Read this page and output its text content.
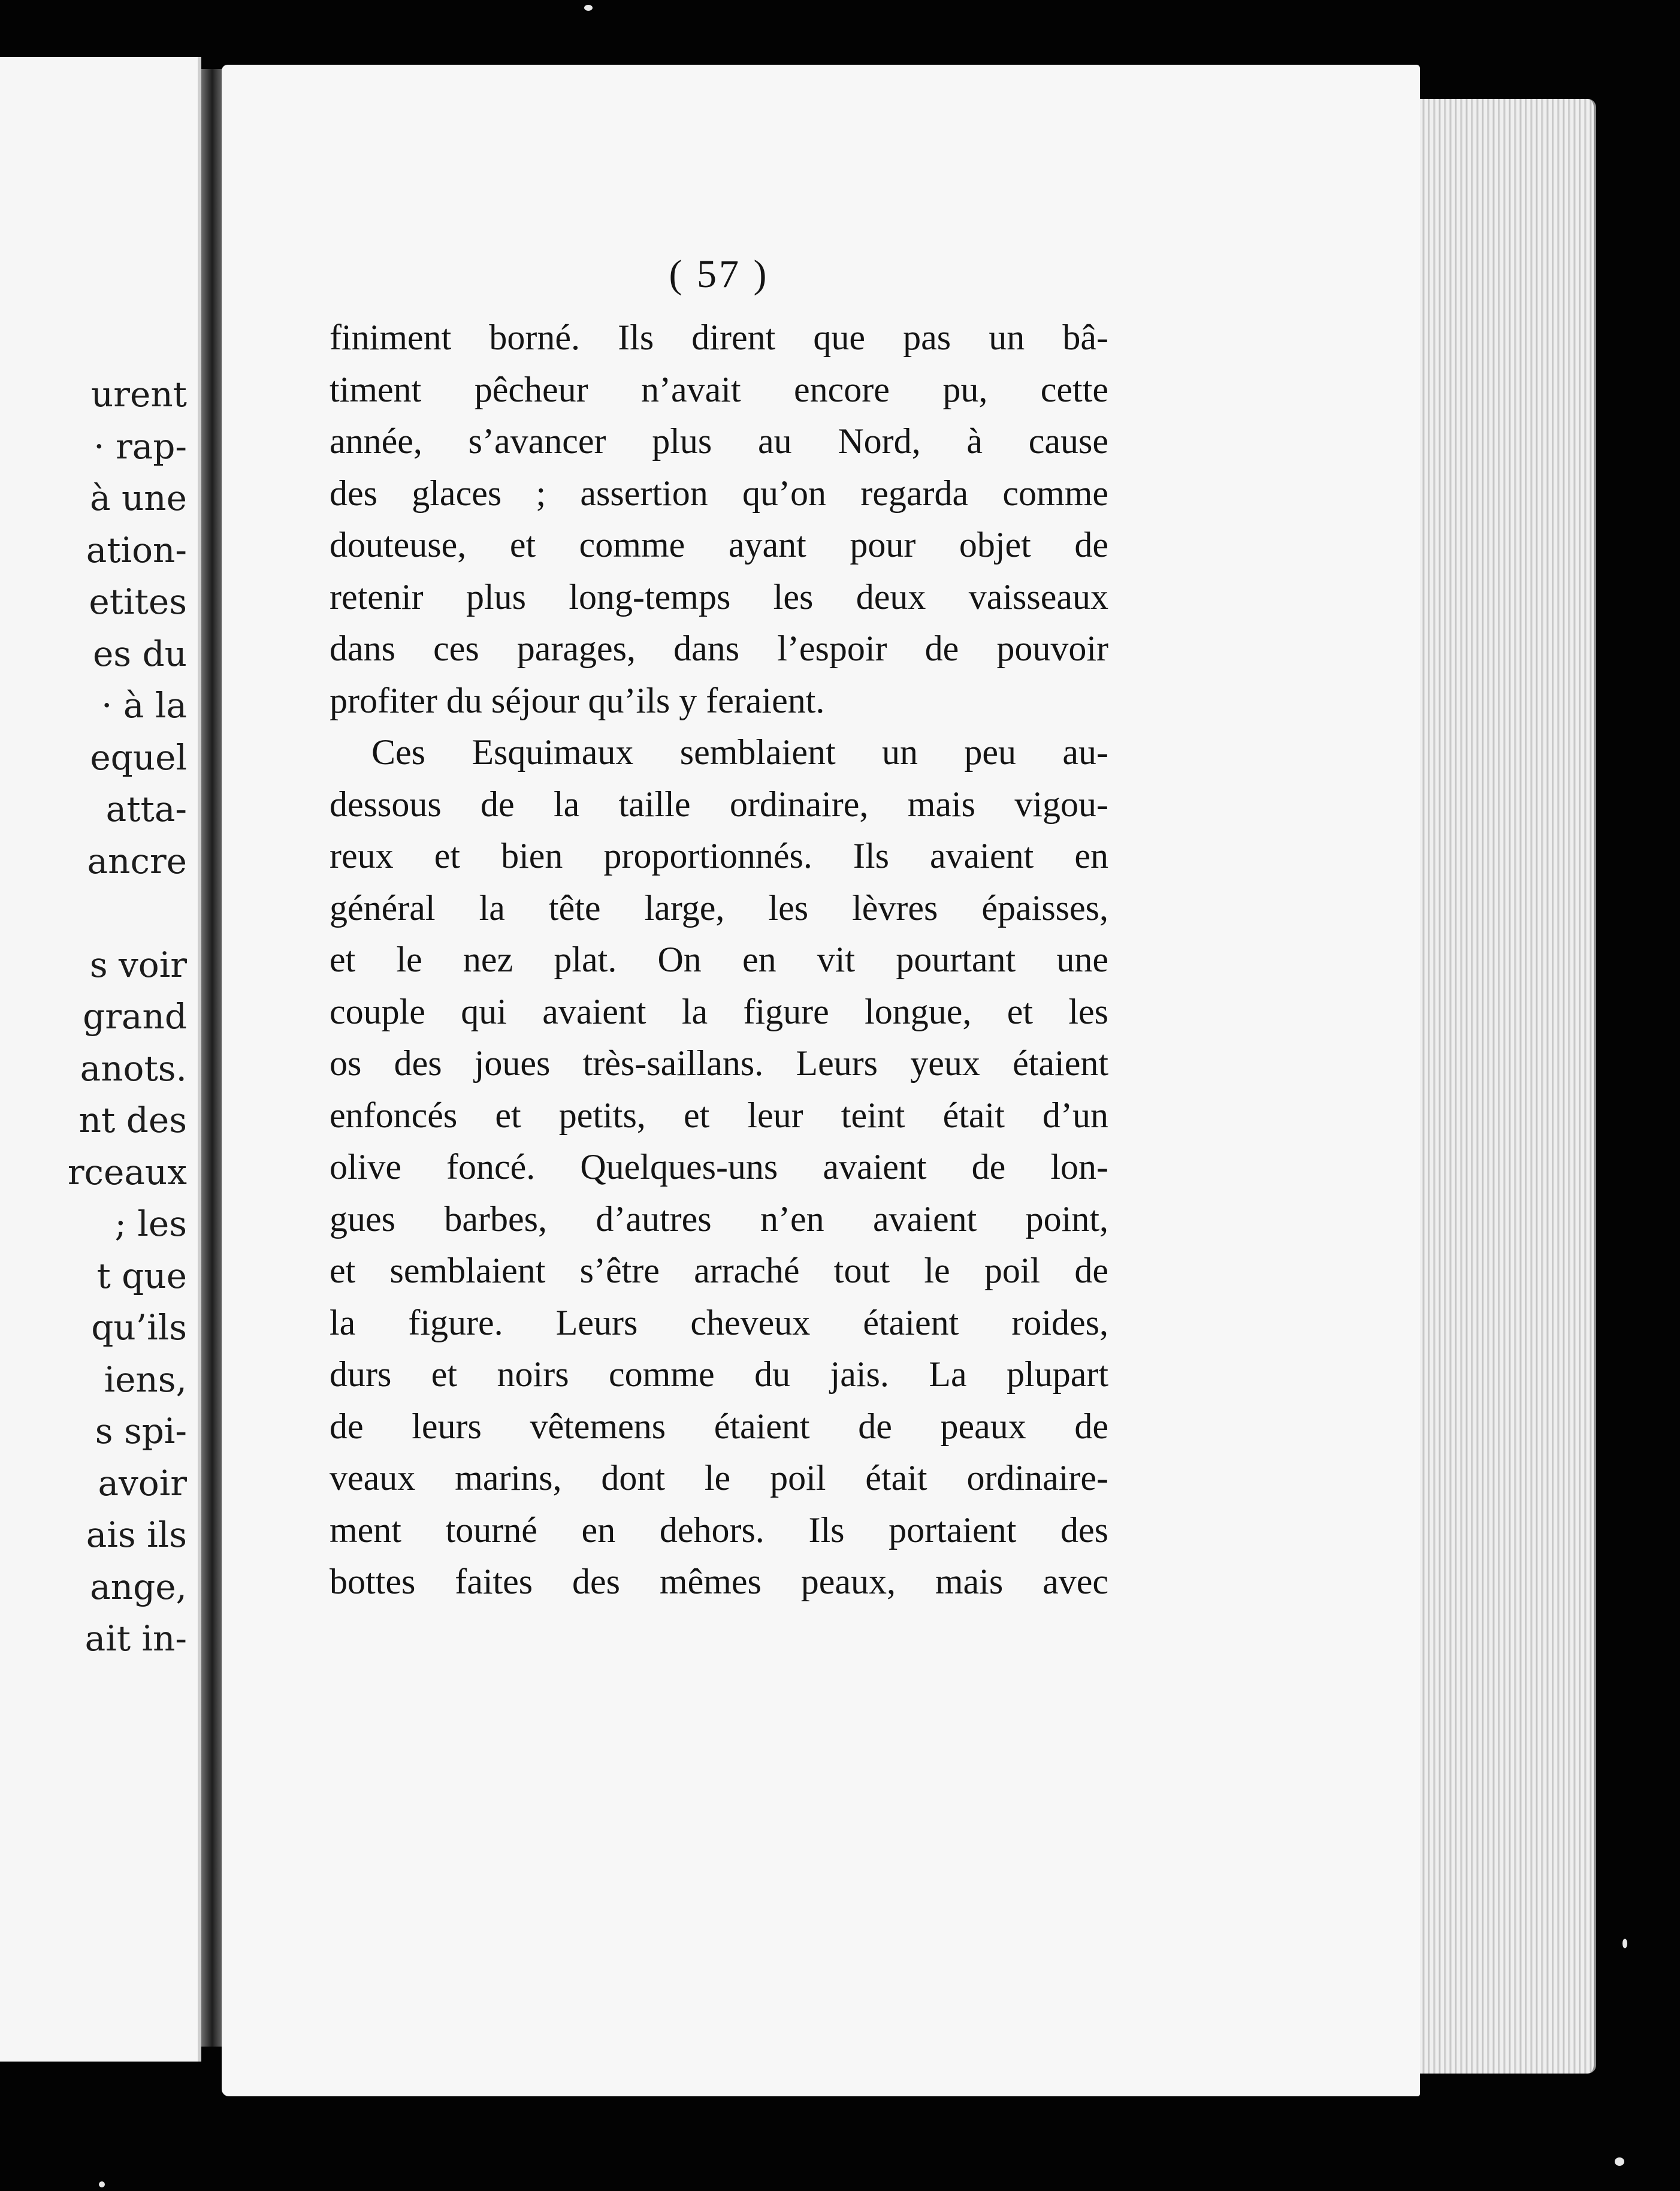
urent
· rap-
à une
ation-
etites
es du
· à la
equel
atta-
ancre
s voir
grand
anots.
nt des
rceaux
; les
t que
qu’ils
iens,
s spi-
avoir
ais ils
ange,
ait in-
( 57 )
finiment borné. Ils dirent que pas un bâ-
timent pêcheur n’avait encore pu, cette
année, s’avancer plus au Nord, à cause
des glaces ; assertion qu’on regarda comme
douteuse, et comme ayant pour objet de
retenir plus long-temps les deux vaisseaux
dans ces parages, dans l’espoir de pouvoir
profiter du séjour qu’ils y feraient.
Ces Esquimaux semblaient un peu au-
dessous de la taille ordinaire, mais vigou-
reux et bien proportionnés. Ils avaient en
général la tête large, les lèvres épaisses,
et le nez plat. On en vit pourtant une
couple qui avaient la figure longue, et les
os des joues très-saillans. Leurs yeux étaient
enfoncés et petits, et leur teint était d’un
olive foncé. Quelques-uns avaient de lon-
gues barbes, d’autres n’en avaient point,
et semblaient s’être arraché tout le poil de
la figure. Leurs cheveux étaient roides,
durs et noirs comme du jais. La plupart
de leurs vêtemens étaient de peaux de
veaux marins, dont le poil était ordinaire-
ment tourné en dehors. Ils portaient des
bottes faites des mêmes peaux, mais avec
